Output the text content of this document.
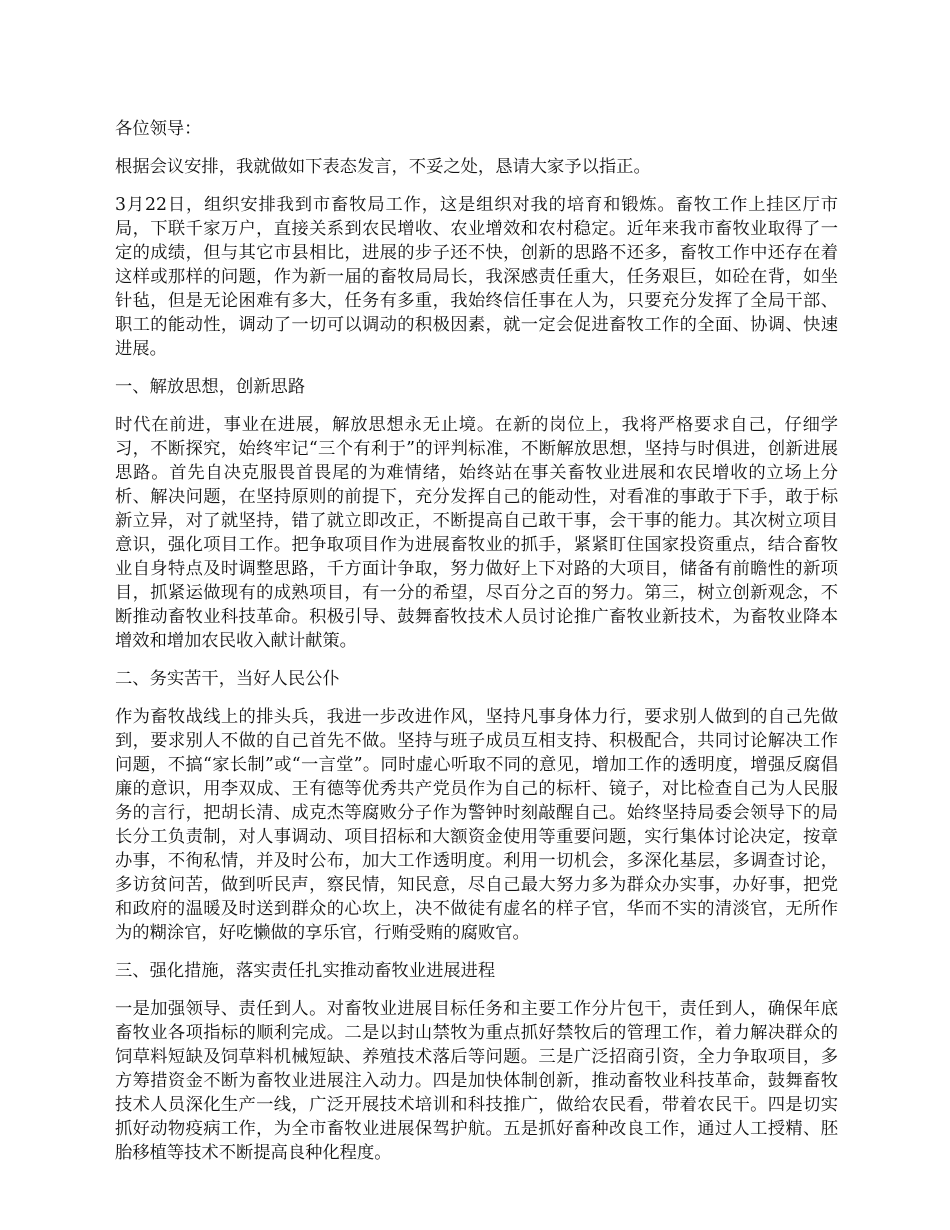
各位领导：

根据会议安排，我就做如下表态发言，不妥之处，恳请大家予以指正。

3月22日，组织安排我到市畜牧局工作，这是组织对我的培育和锻炼。畜牧工作上挂区厅市局，下联千家万户，直接关系到农民增收、农业增效和农村稳定。近年来我市畜牧业取得了一定的成绩，但与其它市县相比，进展的步子还不快，创新的思路不还多，畜牧工作中还存在着这样或那样的问题，作为新一届的畜牧局局长，我深感责任重大，任务艰巨，如砼在背，如坐针毡，但是无论困难有多大，任务有多重，我始终信任事在人为，只要充分发挥了全局干部、职工的能动性，调动了一切可以调动的积极因素，就一定会促进畜牧工作的全面、协调、快速进展。

一、解放思想，创新思路

时代在前进，事业在进展，解放思想永无止境。在新的岗位上，我将严格要求自己，仔细学习，不断探究，始终牢记“三个有利于”的评判标准，不断解放思想，坚持与时俱进，创新进展思路。首先自决克服畏首畏尾的为难情绪，始终站在事关畜牧业进展和农民增收的立场上分析、解决问题，在坚持原则的前提下，充分发挥自己的能动性，对看准的事敢于下手，敢于标新立异，对了就坚持，错了就立即改正，不断提高自己敢干事，会干事的能力。其次树立项目意识，强化项目工作。把争取项目作为进展畜牧业的抓手，紧紧盯住国家投资重点，结合畜牧业自身特点及时调整思路，千方面计争取，努力做好上下对路的大项目，储备有前瞻性的新项目，抓紧运做现有的成熟项目，有一分的希望，尽百分之百的努力。第三，树立创新观念，不断推动畜牧业科技革命。积极引导、鼓舞畜牧技术人员讨论推广畜牧业新技术，为畜牧业降本增效和增加农民收入献计献策。

二、务实苦干，当好人民公仆

作为畜牧战线上的排头兵，我进一步改进作风，坚持凡事身体力行，要求别人做到的自己先做到，要求别人不做的自己首先不做。坚持与班子成员互相支持、积极配合，共同讨论解决工作问题，不搞“家长制”或“一言堂”。同时虚心听取不同的意见，增加工作的透明度，增强反腐倡廉的意识，用李双成、王有德等优秀共产党员作为自己的标杆、镜子，对比检查自己为人民服务的言行，把胡长清、成克杰等腐败分子作为警钟时刻敲醒自己。始终坚持局委会领导下的局长分工负责制，对人事调动、项目招标和大额资金使用等重要问题，实行集体讨论决定，按章办事，不徇私情，并及时公布，加大工作透明度。利用一切机会，多深化基层，多调查讨论，多访贫问苦，做到听民声，察民情，知民意，尽自己最大努力多为群众办实事，办好事，把党和政府的温暖及时送到群众的心坎上，决不做徒有虚名的样子官，华而不实的清淡官，无所作为的糊涂官，好吃懒做的享乐官，行贿受贿的腐败官。

三、强化措施，落实责任扎实推动畜牧业进展进程

一是加强领导、责任到人。对畜牧业进展目标任务和主要工作分片包干，责任到人，确保年底畜牧业各项指标的顺利完成。二是以封山禁牧为重点抓好禁牧后的管理工作，着力解决群众的饲草料短缺及饲草料机械短缺、养殖技术落后等问题。三是广泛招商引资，全力争取项目，多方筹措资金不断为畜牧业进展注入动力。四是加快体制创新，推动畜牧业科技革命，鼓舞畜牧技术人员深化生产一线，广泛开展技术培训和科技推广，做给农民看，带着农民干。四是切实抓好动物疫病工作，为全市畜牧业进展保驾护航。五是抓好畜种改良工作，通过人工授精、胚胎移植等技术不断提高良种化程度。
